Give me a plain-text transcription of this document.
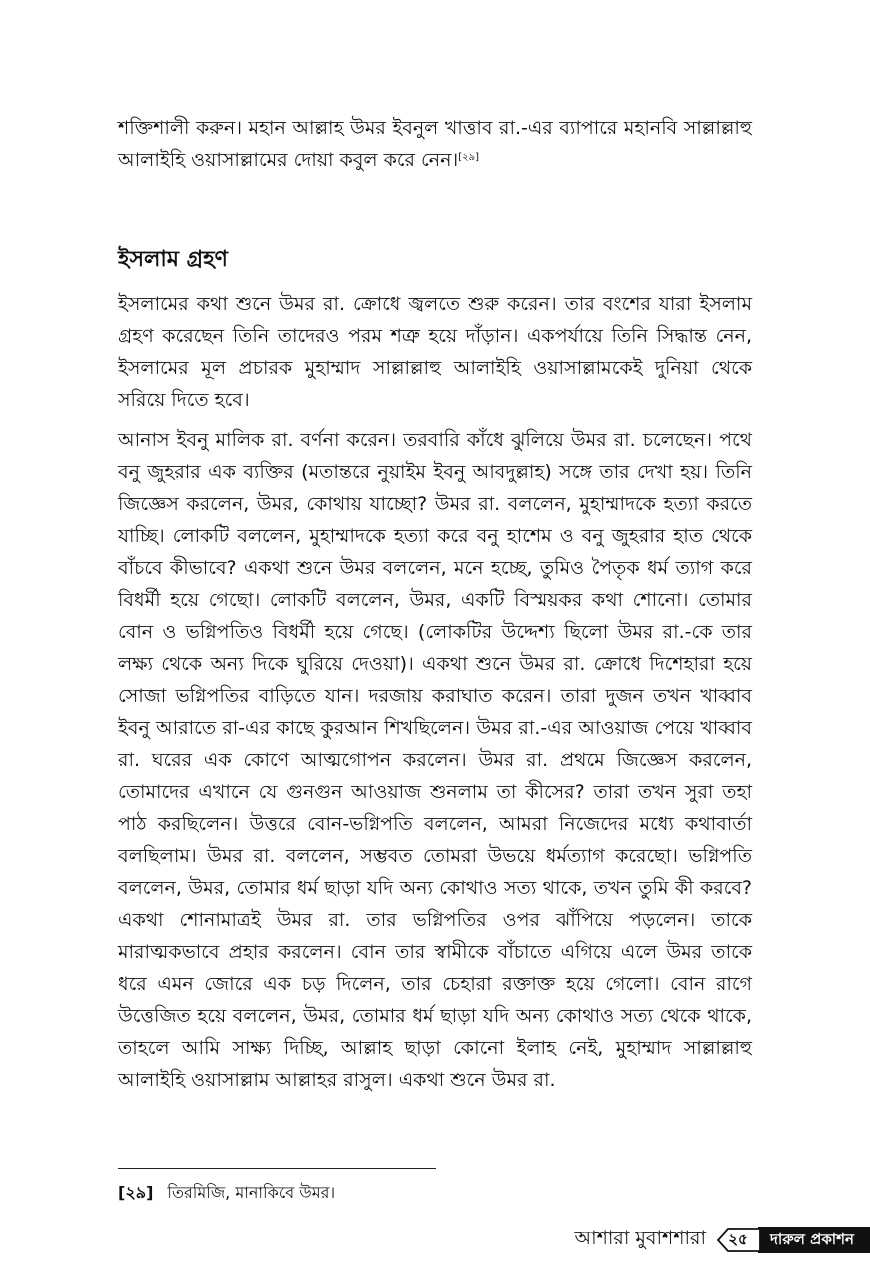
শক্তিশালী করুন। মহান আল্লাহ উমর ইবনুল খাত্তাব রা.-এর ব্যাপারে মহানবি সাল্লাল্লাহু আলাইহি ওয়াসাল্লামের দোয়া কবুল করে নেন।[২৯]

ইসলাম গ্রহণ

ইসলামের কথা শুনে উমর রা. ক্রোধে জ্বলতে শুরু করেন। তার বংশের যারা ইসলাম গ্রহণ করেছেন তিনি তাদেরও পরম শত্রু হয়ে দাঁড়ান। একপর্যায়ে তিনি সিদ্ধান্ত নেন, ইসলামের মূল প্রচারক মুহাম্মাদ সাল্লাল্লাহু আলাইহি ওয়াসাল্লামকেই দুনিয়া থেকে সরিয়ে দিতে হবে।

আনাস ইবনু মালিক রা. বর্ণনা করেন। তরবারি কাঁধে ঝুলিয়ে উমর রা. চলেছেন। পথে বনু জুহরার এক ব্যক্তির (মতান্তরে নুয়াইম ইবনু আবদুল্লাহ) সঙ্গে তার দেখা হয়। তিনি জিজ্ঞেস করলেন, উমর, কোথায় যাচ্ছো? উমর রা. বললেন, মুহাম্মাদকে হত্যা করতে যাচ্ছি। লোকটি বললেন, মুহাম্মাদকে হত্যা করে বনু হাশেম ও বনু জুহরার হাত থেকে বাঁচবে কীভাবে? একথা শুনে উমর বললেন, মনে হচ্ছে, তুমিও পৈতৃক ধর্ম ত্যাগ করে বিধর্মী হয়ে গেছো। লোকটি বললেন, উমর, একটি বিস্ময়কর কথা শোনো। তোমার বোন ও ভগ্নিপতিও বিধর্মী হয়ে গেছে। (লোকটির উদ্দেশ্য ছিলো উমর রা.-কে তার লক্ষ্য থেকে অন্য দিকে ঘুরিয়ে দেওয়া)। একথা শুনে উমর রা. ক্রোধে দিশেহারা হয়ে সোজা ভগ্নিপতির বাড়িতে যান। দরজায় করাঘাত করেন। তারা দুজন তখন খাব্বাব ইবনু আরাতে রা-এর কাছে কুরআন শিখছিলেন। উমর রা.-এর আওয়াজ পেয়ে খাব্বাব রা. ঘরের এক কোণে আত্মগোপন করলেন। উমর রা. প্রথমে জিজ্ঞেস করলেন, তোমাদের এখানে যে গুনগুন আওয়াজ শুনলাম তা কীসের? তারা তখন সুরা তহা পাঠ করছিলেন। উত্তরে বোন-ভগ্নিপতি বললেন, আমরা নিজেদের মধ্যে কথাবার্তা বলছিলাম। উমর রা. বললেন, সম্ভবত তোমরা উভয়ে ধর্মত্যাগ করেছো। ভগ্নিপতি বললেন, উমর, তোমার ধর্ম ছাড়া যদি অন্য কোথাও সত্য থাকে, তখন তুমি কী করবে? একথা শোনামাত্রই উমর রা. তার ভগ্নিপতির ওপর ঝাঁপিয়ে পড়লেন। তাকে মারাত্মকভাবে প্রহার করলেন। বোন তার স্বামীকে বাঁচাতে এগিয়ে এলে উমর তাকে ধরে এমন জোরে এক চড় দিলেন, তার চেহারা রক্তাক্ত হয়ে গেলো। বোন রাগে উত্তেজিত হয়ে বললেন, উমর, তোমার ধর্ম ছাড়া যদি অন্য কোথাও সত্য থেকে থাকে, তাহলে আমি সাক্ষ্য দিচ্ছি, আল্লাহ ছাড়া কোনো ইলাহ নেই, মুহাম্মাদ সাল্লাল্লাহু আলাইহি ওয়াসাল্লাম আল্লাহর রাসুল। একথা শুনে উমর রা.

[২৯] তিরমিজি, মানাকিবে উমর।
আশারা মুবাশশারা ২৫	দারুল প্রকাশন
